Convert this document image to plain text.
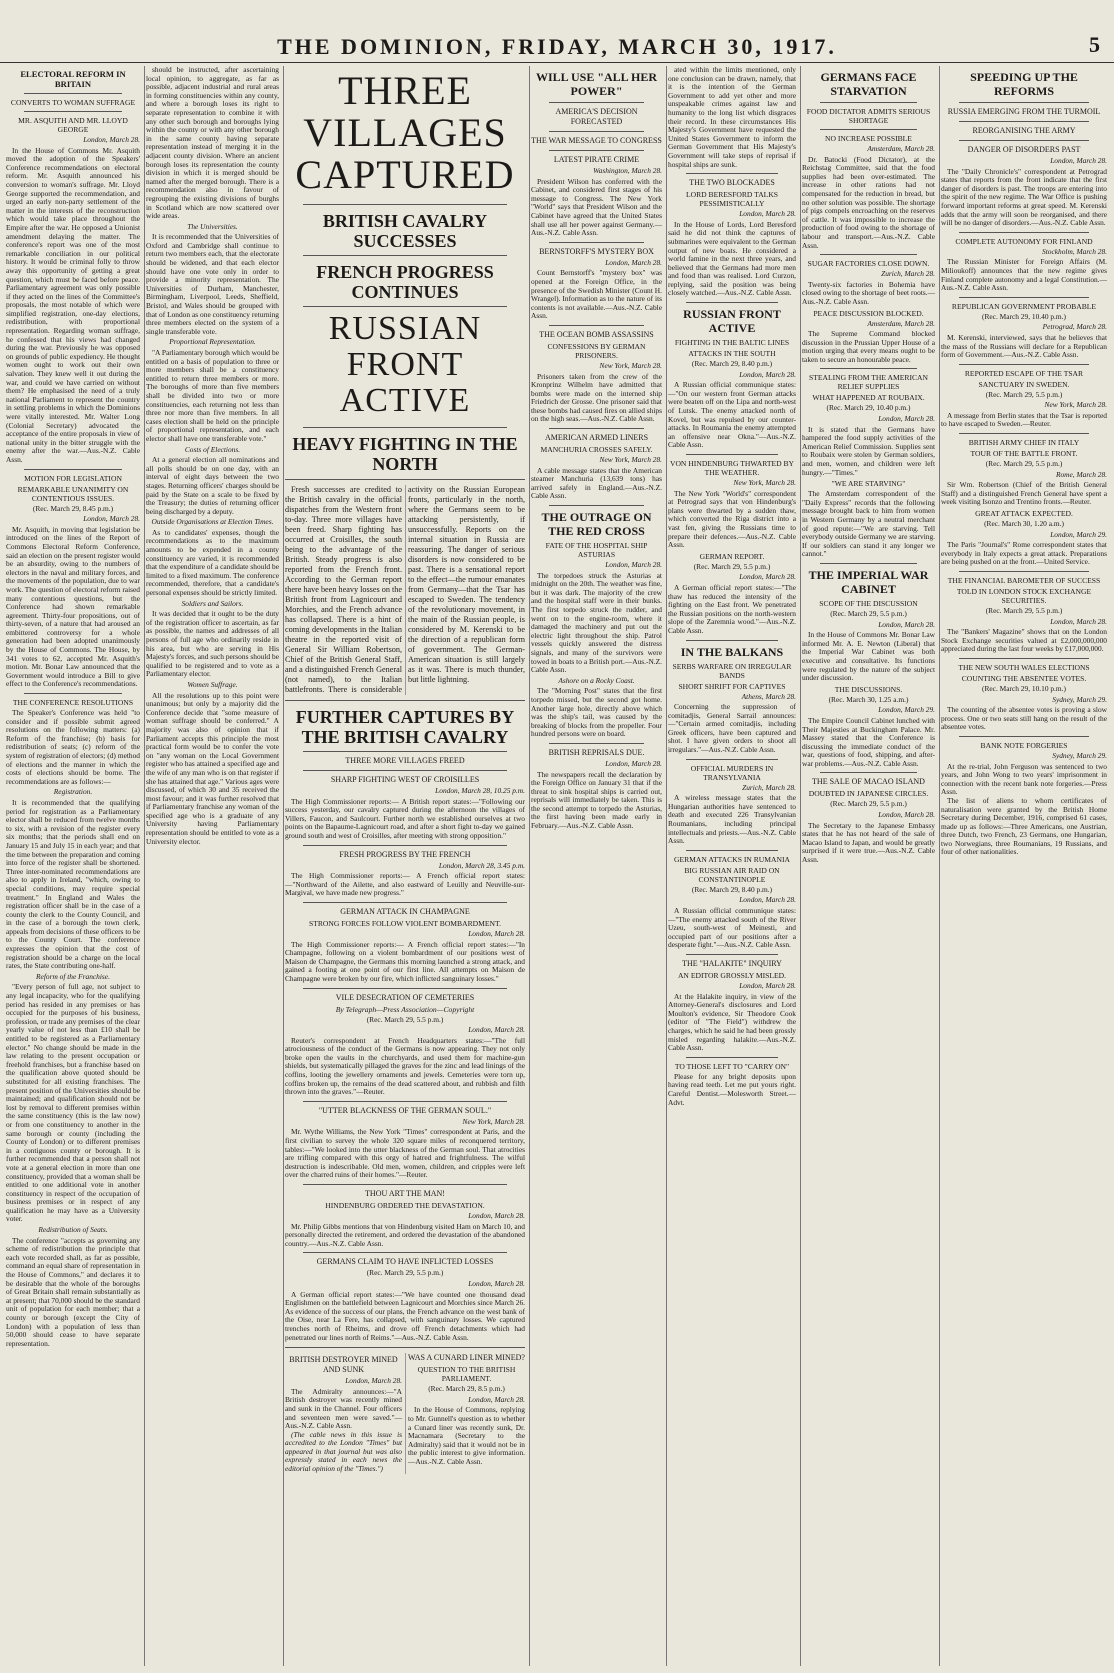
THE DOMINION, FRIDAY, MARCH 30, 1917.	5
ELECTORAL REFORM IN BRITAIN
CONVERTS TO WOMAN SUFFRAGE
MR. ASQUITH AND MR. LLOYD GEORGE
London, March 28.

In the House of Commons Mr. Asquith moved the adoption of the Speakers' Conference recommendations on electoral reform. Mr. Asquith announced his conversion to woman's suffrage. Mr. Lloyd George supported the recommendation, and urged an early non-party settlement of the matter in the interests of the reconstruction which would take place throughout the Empire after the war. He opposed a Unionist amendment delaying the matter. The conference's report was one of the most remarkable conciliation in our political history. It would be criminal folly to throw away this opportunity of getting a great question, which must be faced before peace. Parliamentary agreement was only possible if they acted on the lines of the Committee's proposals, the most notable of which were simplified registration, one-day elections, redistribution, with proportional representation. Regarding woman suffrage, he confessed that his views had changed during the war. Previously he was opposed on grounds of public expediency. He thought women ought to work out their own salvation. They knew well it out during the war, and could we have carried on without them? He emphasised the need of a truly national Parliament to represent the country in settling problems in which the Dominions were vitally interested. Mr. Walter Long (Colonial Secretary) advocated the acceptance of the entire proposals in view of national unity in the bitter struggle with the enemy after the war.—Aus.-N.Z. Cable Assn.

MOTION FOR LEGISLATION
REMARKABLE UNANIMITY ON CONTENTIOUS ISSUES.
(Rec. March 29, 8.45 p.m.)
London, March 28.

Mr. Asquith, in moving that legislation be introduced on the lines of the Report of Commons Electoral Reform Conference, said an election on the present register would be an absurdity, owing to the numbers of electors in the naval and military forces, and the movements of the population, due to war work. The question of electoral reform raised many contentious questions, but the Conference had shown remarkable agreement. Thirty-four propositions, out of thirty-seven, of a nature that had aroused an embittered controversy for a whole generation had been adopted unanimously by the House of Commons. The House, by 341 votes to 62, accepted Mr. Asquith's motion. Mr. Bonar Law announced that the Government would introduce a Bill to give effect to the Conference's recommendations.

THE CONFERENCE RESOLUTIONS

The Speaker's Conference was held "to consider and if possible submit agreed resolutions on the following matters: (a) Reform of the franchise; (b) basis for redistribution of seats; (c) reform of the system of registration of electors; (d) method of elections and the manner in which the costs of elections should be borne. The recommendations are as follows:—

Registration.

It is recommended that the qualifying period for registration as a Parliamentary elector shall be reduced from twelve months to six, with a revision of the register every six months; that the periods shall end on January 15 and July 15 in each year; and that the time between the preparation and coming into force of the register shall be shortened. Three inter-nominated recommendations are also to apply in Ireland, "which, owing to special conditions, may require special treatment." In England and Wales the registration officer shall be in the case of a county the clerk to the County Council, and in the case of a borough the town clerk, appeals from decisions of these officers to be to the County Court. The conference expresses the opinion that the cost of registration should be a charge on the local rates, the State contributing one-half.

Reform of the Franchise.

"Every person of full age, not subject to any legal incapacity, who for the qualifying period has resided in any premises or has occupied for the purposes of his business, profession, or trade any premises of the clear yearly value of not less than £10 shall be entitled to be registered as a Parliamentary elector." No change should be made in the law relating to the present occupation or freehold franchises, but a franchise based on the qualification above quoted should be substituted for all existing franchises. The present position of the Universities should be maintained; and qualification should not be lost by removal to different premises within the same constituency (this is the law now) or from one constituency to another in the same borough or county (including the County of London) or to different premises in a contiguous county or borough. It is further recommended that a person shall not vote at a general election in more than one constituency, provided that a woman shall be entitled to one additional vote in another constituency in respect of the occupation of business premises or in respect of any qualification he may have as a University voter.

Redistribution of Seats.

The conference "accepts as governing any scheme of redistribution the principle that each vote recorded shall, as far as possible, command an equal share of representation in the House of Commons," and declares it to be desirable that the whole of the boroughs of Great Britain shall remain substantially as at present; that 70,000 should be the standard unit of population for each member; that a county or borough (except the City of London) with a population of less than 50,000 should cease to have separate representation.

should be instructed, after ascertaining local opinion, to aggregate, as far as possible, adjacent industrial and rural areas in forming constituencies within any county, and where a borough loses its right to separate representation to combine it with any other such borough and boroughs lying within the county or with any other borough in the same county having separate representation instead of merging it in the adjacent county division. Where an ancient borough loses its representation the county division in which it is merged should be named after the merged borough. There is a recommendation also in favour of regrouping the existing divisions of burghs in Scotland which are now scattered over wide areas.

The Universities.

It is recommended that the Universities of Oxford and Cambridge shall continue to return two members each, that the electorate should be widened, and that each elector should have one vote only in order to provide a minority representation. The Universities of Durham, Manchester, Birmingham, Liverpool, Leeds, Sheffield, Bristol, and Wales should be grouped with that of London as one constituency returning three members elected on the system of a single transferable vote.

Proportional Representation.

"A Parliamentary borough which would be entitled on a basis of population to three or more members shall be a constituency entitled to return three members or more. The boroughs of more than five members shall be divided into two or more constituencies, each returning not less than three nor more than five members. In all cases election shall be held on the principle of proportional representation, and each elector shall have one transferable vote."

Costs of Elections.

At a general election all nominations and all polls should be on one day, with an interval of eight days between the two stages. Returning officers' charges should be paid by the State on a scale to be fixed by the Treasury; the duties of returning officer being discharged by a deputy.

Outside Organisations at Election Times.

As to candidates' expenses, though the recommendations as to the maximum amounts to be expended in a county constituency are varied, it is recommended that the expenditure of a candidate should be limited to a fixed maximum. The conference recommended, therefore, that a candidate's personal expenses should be strictly limited.

Soldiers and Sailors.

It was decided that it ought to be the duty of the registration officer to ascertain, as far as possible, the names and addresses of all persons of full age who ordinarily reside in his area, but who are serving in His Majesty's forces, and such persons should be qualified to be registered and to vote as a Parliamentary elector.

Women Suffrage.

All the resolutions up to this point were unanimous; but only by a majority did the Conference decide that "some measure of woman suffrage should be conferred." A majority was also of opinion that if Parliament accepts this principle the most practical form would be to confer the vote on "any woman on the Local Government register who has attained a specified age and the wife of any man who is on that register if she has attained that age." Various ages were discussed, of which 30 and 35 received the most favour; and it was further resolved that if Parliamentary franchise any woman of the specified age who is a graduate of any University having Parliamentary representation should be entitled to vote as a University elector.

THREE VILLAGES CAPTURED
BRITISH CAVALRY SUCCESSES
FRENCH PROGRESS CONTINUES
RUSSIAN FRONT ACTIVE
HEAVY FIGHTING IN THE NORTH

Fresh successes are credited to the British cavalry in the official dispatches from the Western front to-day. Three more villages have been freed. Sharp fighting has occurred at Croisilles, the south being to the advantage of the British. Steady progress is also reported from the French front. According to the German report there have been heavy losses on the British front from Lagnicourt and Morchies, and the French advance has collapsed. There is a hint of coming developments in the Italian theatre in the reported visit of General Sir William Robertson, Chief of the British General Staff, and a distinguished French General (not named), to the Italian battlefronts. There is considerable activity on the Russian European fronts, particularly in the north, where the Germans seem to be attacking persistently, if unsuccessfully. Reports on the internal situation in Russia are reassuring. The danger of serious disorders is now considered to be past. There is a sensational report to the effect—the rumour emanates from Germany—that the Tsar has escaped to Sweden. The tendency of the revolutionary movement, in the main of the Russian people, is considered by M. Kerenski to be the direction of a republican form of government. The German-American situation is still largely as it was. There is much thunder, but little lightning.

FURTHER CAPTURES BY THE BRITISH CAVALRY
THREE MORE VILLAGES FREED
SHARP FIGHTING WEST OF CROISILLES
London, March 28, 10.25 p.m.

The High Commissioner reports:— A British report states:—"Following our success yesterday, our cavalry captured during the afternoon the villages of Villers, Faucon, and Saulcourt. Further north we established ourselves at two points on the Bapaume-Lagnicourt road, and after a short fight to-day we gained ground south and west of Croisilles, after meeting with strong opposition."

FRESH PROGRESS BY THE FRENCH
London, March 28, 3.45 p.m.

The High Commissioner reports:— A French official report states:—"Northward of the Ailette, and also eastward of Leuilly and Neuville-sur-Margival, we have made new progress."

GERMAN ATTACK IN CHAMPAGNE
STRONG FORCES FOLLOW VIOLENT BOMBARDMENT.
London, March 28.

The High Commissioner reports:— A French official report states:—"In Champagne, following on a violent bombardment of our positions west of Maison de Champagne, the Germans this morning launched a strong attack, and gained a footing at one point of our first line. All attempts on Maison de Champagne were broken by our fire, which inflicted sanguinary losses."

VILE DESECRATION OF CEMETERIES
By Telegraph—Press Association—Copyright
(Rec. March 29, 5.5 p.m.)
London, March 28.

Reuter's correspondent at French Headquarters states:—"The full atrociousness of the conduct of the Germans is now appearing. They not only broke open the vaults in the churchyards, and used them for machine-gun shields, but systematically pillaged the graves for the zinc and lead linings of the coffins, looting the jewellery ornaments and jewels. Cemeteries were torn up, coffins broken up, the remains of the dead scattered about, and rubbish and filth thrown into the graves."—Reuter.

"UTTER BLACKNESS OF THE GERMAN SOUL."
New York, March 28.

Mr. Wythe Williams, the New York "Times" correspondent at Paris, and the first civilian to survey the whole 320 square miles of reconquered territory, tables:—"We looked into the utter blackness of the German soul. That atrocities are trifling compared with this orgy of hatred and frightfulness. The wilful destruction is indescribable. Old men, women, children, and cripples were left over the charred ruins of their homes."—Reuter.

THOU ART THE MAN!
HINDENBURG ORDERED THE DEVASTATION.
London, March 28.

Mr. Philip Gibbs mentions that von Hindenburg visited Ham on March 10, and personally directed the retirement, and ordered the devastation of the abandoned country.—Aus.-N.Z. Cable Assn.

GERMANS CLAIM TO HAVE INFLICTED LOSSES
(Rec. March 29, 5.5 p.m.)
London, March 28.

A German official report states:—"We have counted one thousand dead Englishmen on the battlefield between Lagnicourt and Morchies since March 26. As evidence of the success of our plans, the French advance on the west bank of the Oise, near La Fere, has collapsed, with sanguinary losses. We captured trenches north of Rheims, and drove off French detachments which had penetrated our lines north of Reims."—Aus.-N.Z. Cable Assn.

BRITISH DESTROYER MINED AND SUNK
London, March 28.

The Admiralty announces:—"A British destroyer was recently mined and sunk in the Channel. Four officers and seventeen men were saved."—Aus.-N.Z. Cable Assn.

(The cable news in this issue is accredited to the London "Times" but appeared in that journal but was also expressly stated in each news the editorial opinion of the "Times.")

WAS A CUNARD LINER MINED?
QUESTION TO THE BRITISH PARLIAMENT.
(Rec. March 29, 8.5 p.m.)
London, March 28.

In the House of Commons, replying to Mr. Gunnell's question as to whether a Cunard liner was recently sunk, Dr. Macnamara (Secretary to the Admiralty) said that it would not be in the public interest to give information.—Aus.-N.Z. Cable Assn.

WILL USE "ALL HER POWER"
AMERICA'S DECISION FORECASTED
THE WAR MESSAGE TO CONGRESS
LATEST PIRATE CRIME
Washington, March 28.

President Wilson has conferred with the Cabinet, and considered first stages of his message to Congress. The New York "World" says that President Wilson and the Cabinet have agreed that the United States shall use all her power against Germany.—Aus.-N.Z. Cable Assn.

BERNSTORFF'S MYSTERY BOX
London, March 28.

Count Bernstorff's "mystery box" was opened at the Foreign Office, in the presence of the Swedish Minister (Count H. Wrangel). Information as to the nature of its contents is not available.—Aus.-N.Z. Cable Assn.

THE OCEAN BOMB ASSASSINS
CONFESSIONS BY GERMAN PRISONERS.
New York, March 28.

Prisoners taken from the crew of the Kronprinz Wilhelm have admitted that bombs were made on the interned ship Friedrich der Grosse. One prisoner said that these bombs had caused fires on allied ships on the high seas.—Aus.-N.Z. Cable Assn.

AMERICAN ARMED LINERS
MANCHURIA CROSSES SAFELY.
New York, March 28.

A cable message states that the American steamer Manchuria (13,639 tons) has arrived safely in England.—Aus.-N.Z. Cable Assn.

THE OUTRAGE ON THE RED CROSS
FATE OF THE HOSPITAL SHIP ASTURIAS
London, March 28.

The torpedoes struck the Asturias at midnight on the 20th. The weather was fine, but it was dark. The majority of the crew and the hospital staff were in their bunks. The first torpedo struck the rudder, and went on to the engine-room, where it damaged the machinery and put out the electric light throughout the ship. Patrol vessels quickly answered the distress signals, and many of the survivors were towed in boats to a British port.—Aus.-N.Z. Cable Assn.

Ashore on a Rocky Coast.

The "Morning Post" states that the first torpedo missed, but the second got home. Another large hole, directly above which was the ship's tail, was caused by the breaking of blocks from the propeller. Four hundred persons were on board.

BRITISH REPRISALS DUE.
London, March 28.

The newspapers recall the declaration by the Foreign Office on January 31 that if the threat to sink hospital ships is carried out, reprisals will immediately be taken. This is the second attempt to torpedo the Asturias, the first having been made early in February.—Aus.-N.Z. Cable Assn.

ated within the limits mentioned, only one conclusion can be drawn, namely, that it is the intention of the German Government to add yet other and more unspeakable crimes against law and humanity to the long list which disgraces their record. In these circumstances His Majesty's Government have requested the United States Government to inform the German Government that His Majesty's Government will take steps of reprisal if hospital ships are sunk.

THE TWO BLOCKADES
LORD BERESFORD TALKS PESSIMISTICALLY
London, March 28.

In the House of Lords, Lord Beresford said he did not think the captures of submarines were equivalent to the German output of new boats. He considered a world famine in the next three years, and believed that the Germans had more men and food than was realised. Lord Curzon, replying, said the position was being closely watched.—Aus.-N.Z. Cable Assn.

RUSSIAN FRONT ACTIVE
FIGHTING IN THE BALTIC LINES
ATTACKS IN THE SOUTH
(Rec. March 29, 8.40 p.m.)
London, March 28.

A Russian official communique states:—"On our western front German attacks were beaten off on the Lipa and north-west of Lutsk. The enemy attacked north of Kovel, but was repulsed by our counter-attacks. In Roumania the enemy attempted an offensive near Okna."—Aus.-N.Z. Cable Assn.

VON HINDENBURG THWARTED BY THE WEATHER.
New York, March 28.

The New York "World's" correspondent at Petrograd says that von Hindenburg's plans were thwarted by a sudden thaw, which converted the Riga district into a vast fen, giving the Russians time to prepare their defences.—Aus.-N.Z. Cable Assn.

GERMAN REPORT.
(Rec. March 29, 5.5 p.m.)
London, March 28.

A German official report states:—"The thaw has reduced the intensity of the fighting on the East front. We penetrated the Russian positions on the north-western slope of the Zaremnia wood."—Aus.-N.Z. Cable Assn.

IN THE BALKANS
SERBS WARFARE ON IRREGULAR BANDS
SHORT SHRIFT FOR CAPTIVES
Athens, March 28.

Concerning the suppression of comitadjis, General Sarrail announces:—"Certain armed comitadjis, including Greek officers, have been captured and shot. I have given orders to shoot all irregulars."—Aus.-N.Z. Cable Assn.

OFFICIAL MURDERS IN TRANSYLVANIA
Zurich, March 28.

A wireless message states that the Hungarian authorities have sentenced to death and executed 226 Transylvanian Roumanians, including principal intellectuals and priests.—Aus.-N.Z. Cable Assn.

GERMAN ATTACKS IN RUMANIA
BIG RUSSIAN AIR RAID ON CONSTANTINOPLE
(Rec. March 29, 8.40 p.m.)
London, March 28.

A Russian official communique states:—"The enemy attacked south of the River Uzeu, south-west of Meinesti, and occupied part of our positions after a desperate fight."—Aus.-N.Z. Cable Assn.

THE "HALAKITE" INQUIRY
AN EDITOR GROSSLY MISLED.
London, March 28.

At the Halakite inquiry, in view of the Attorney-General's disclosures and Lord Moulton's evidence, Sir Theodore Cook (editor of "The Field") withdrew the charges, which he said he had been grossly misled regarding halakite.—Aus.-N.Z. Cable Assn.

TO THOSE LEFT TO "CARRY ON"

Please for any bright deposits upon having read teeth. Let me put yours right. Careful Dentist.—Molesworth Street.—Advt.

GERMANS FACE STARVATION
FOOD DICTATOR ADMITS SERIOUS SHORTAGE
NO INCREASE POSSIBLE
Amsterdam, March 28.

Dr. Batocki (Food Dictator), at the Reichstag Committee, said that the food supplies had been over-estimated. The increase in other rations had not compensated for the reduction in bread, but no other solution was possible. The shortage of pigs compels encroaching on the reserves of cattle. It was impossible to increase the production of food owing to the shortage of labour and transport.—Aus.-N.Z. Cable Assn.

SUGAR FACTORIES CLOSE DOWN.
Zurich, March 28.

Twenty-six factories in Bohemia have closed owing to the shortage of beet roots.—Aus.-N.Z. Cable Assn.

PEACE DISCUSSION BLOCKED.
Amsterdam, March 28.

The Supreme Command blocked discussion in the Prussian Upper House of a motion urging that every means ought to be taken to secure an honourable peace.

STEALING FROM THE AMERICAN RELIEF SUPPLIES
WHAT HAPPENED AT ROUBAIX.
(Rec. March 29, 10.40 p.m.)
London, March 28.

It is stated that the Germans have hampered the food supply activities of the American Relief Commission. Supplies sent to Roubaix were stolen by German soldiers, and men, women, and children were left hungry.—"Times."

"WE ARE STARVING"

The Amsterdam correspondent of the "Daily Express" records that the following message brought back to him from women in Western Germany by a neutral merchant of good repute:—"We are starving. Tell everybody outside Germany we are starving. If our soldiers can stand it any longer we cannot."

THE IMPERIAL WAR CABINET
SCOPE OF THE DISCUSSION
(Rec. March 29, 5.5 p.m.)
London, March 28.

In the House of Commons Mr. Bonar Law informed Mr. A. E. Newton (Liberal) that the Imperial War Cabinet was both executive and consultative. Its functions were regulated by the nature of the subject under discussion.

THE DISCUSSIONS.
(Rec. March 30, 1.25 a.m.)
London, March 29.

The Empire Council Cabinet lunched with Their Majesties at Buckingham Palace. Mr. Massey stated that the Conference is discussing the immediate conduct of the war, questions of food, shipping, and after-war problems.—Aus.-N.Z. Cable Assn.

THE SALE OF MACAO ISLAND
DOUBTED IN JAPANESE CIRCLES.
(Rec. March 29, 5.5 p.m.)
London, March 28.

The Secretary to the Japanese Embassy states that he has not heard of the sale of Macao Island to Japan, and would be greatly surprised if it were true.—Aus.-N.Z. Cable Assn.

SPEEDING UP THE REFORMS
RUSSIA EMERGING FROM THE TURMOIL
REORGANISING THE ARMY
DANGER OF DISORDERS PAST
London, March 28.

The "Daily Chronicle's" correspondent at Petrograd states that reports from the front indicate that the first danger of disorders is past. The troops are entering into the spirit of the new regime. The War Office is pushing forward important reforms at great speed. M. Kerenski adds that the army will soon be reorganised, and there will be no danger of disorders.—Aus.-N.Z. Cable Assn.

COMPLETE AUTONOMY FOR FINLAND
Stockholm, March 28.

The Russian Minister for Foreign Affairs (M. Milioukoff) announces that the new regime gives Finland complete autonomy and a legal Constitution.—Aus.-N.Z. Cable Assn.

REPUBLICAN GOVERNMENT PROBABLE
(Rec. March 29, 10.40 p.m.)
Petrograd, March 28.

M. Kerenski, interviewed, says that he believes that the mass of the Russians will declare for a Republican form of Government.—Aus.-N.Z. Cable Assn.

REPORTED ESCAPE OF THE TSAR
SANCTUARY IN SWEDEN.
(Rec. March 29, 5.5 p.m.)
New York, March 28.

A message from Berlin states that the Tsar is reported to have escaped to Sweden.—Reuter.

BRITISH ARMY CHIEF IN ITALY
TOUR OF THE BATTLE FRONT.
(Rec. March 29, 5.5 p.m.)
Rome, March 28.

Sir Wm. Robertson (Chief of the British General Staff) and a distinguished French General have spent a week visiting Isonzo and Trentino fronts.—Reuter.

GREAT ATTACK EXPECTED.
(Rec. March 30, 1.20 a.m.)
London, March 29.

The Paris "Journal's" Rome correspondent states that everybody in Italy expects a great attack. Preparations are being pushed on at the front.—United Service.

THE FINANCIAL BAROMETER OF SUCCESS
TOLD IN LONDON STOCK EXCHANGE SECURITIES.
(Rec. March 29, 5.5 p.m.)
London, March 28.

The "Bankers' Magazine" shows that on the London Stock Exchange securities valued at £2,000,000,000 appreciated during the last four weeks by £17,000,000.

THE NEW SOUTH WALES ELECTIONS
COUNTING THE ABSENTEE VOTES.
(Rec. March 29, 10.10 p.m.)
Sydney, March 29.

The counting of the absentee votes is proving a slow process. One or two seats still hang on the result of the absentee votes.

BANK NOTE FORGERIES
Sydney, March 29.

At the re-trial, John Ferguson was sentenced to two years, and John Wong to two years' imprisonment in connection with the recent bank note forgeries.—Press Assn.

The list of aliens to whom certificates of naturalisation were granted by the British Home Secretary during December, 1916, comprised 61 cases, made up as follows:—Three Americans, one Austrian, three Dutch, two French, 23 Germans, one Hungarian, two Norwegians, three Roumanians, 19 Russians, and four of other nationalities.
